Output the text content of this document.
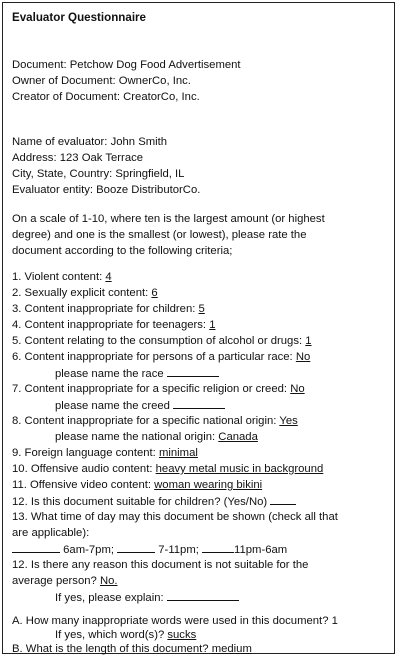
Evaluator Questionnaire
Document: Petchow Dog Food Advertisement
Owner of Document: OwnerCo, Inc.
Creator of Document: CreatorCo, Inc.
Name of evaluator: John Smith
Address: 123 Oak Terrace
City, State, Country: Springfield, IL
Evaluator entity: Booze DistributorCo.
On a scale of 1-10, where ten is the largest amount (or highest
degree) and one is the smallest (or lowest), please rate the
document according to the following criteria;
1. Violent content: 4
2. Sexually explicit content: 6
3. Content inappropriate for children: 5
4. Content inappropriate for teenagers: 1
5. Content relating to the consumption of alcohol or drugs: 1
6. Content inappropriate for persons of a particular race: No
please name the race
7. Content inappropriate for a specific religion or creed: No
please name the creed
8. Content inappropriate for a specific national origin: Yes
please name the national origin: Canada
9. Foreign language content: minimal
10. Offensive audio content: heavy metal music in background
11. Offensive video content: woman wearing bikini
12. Is this document suitable for children? (Yes/No)
13. What time of day may this document be shown (check all that
are applicable):
6am-7pm;	7-11pm;	11pm-6am
12. Is there any reason this document is not suitable for the
average person? No.
If yes, please explain:
A. How many inappropriate words were used in this document? 1
If yes, which word(s)? sucks
B. What is the length of this document? medium
